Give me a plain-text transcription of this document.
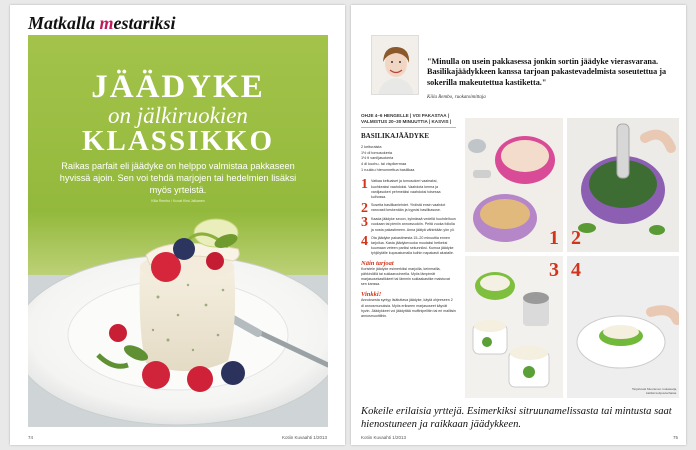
Matkalla mestariksi
JÄÄDYKE
on jälkiruokien
KLASSIKKO
Raikas parfait eli jäädyke on helppo valmistaa pakkaseen hyvissä ajoin. Sen voi tehdä marjojen tai hedelmien lisäksi myös yrteistä.
Kiila Rembo / Kuvat Kirsi Jalkanen
74	Kotiin Kuvaahti 1/2013
"Minulla on usein pakkasessa jonkin sortin jäädyke vierasvarana. Basilikajäädykkeen kanssa tarjoan pakastevadelmista soseutettua ja sokerilla makeutettua kastiketta."
Kiila Rembo, ruokatoimittaja
OHJE 4–6 HENGELLE | VOI PAKASTAA |
VALMISTUS 20–30 MINUUTTIA | KASVIS |
BASILIKAJÄÄDYKE
2 kelturaista
1½ dl tomusokeria
1½ tl vaniljasokeria
4 dl kuohu- tai vispikermaa
1 ruukku hienonnettua basilikaa
1 Vatkaa keltuaiset ja tomusokeri vaaleaksi, kuohkeaksi vaahdoksi. Vaahdota kerma ja vaniljasokeri pehmeäksi vaahdoksi toisessa kulhossa.
2 Sosetta basilikanlehdet. Yhdistä ensin vaahdot varovasti keskenään ja kypsisi basilikasose.
3 Kaada jäädyke seoon, kylmässä vedellä huuhdeltuun vuokaan tai pieniin annosvuokiin. Peitä vuoka foliolla ja nosta pakastimeen. Anna jäätyä vähintään yön yli.
4 Ota jäädyke pakastimesta 15–20 minuuttia ennen tarjoilua. Kasta jäädykevuoka muutaksi hetkeksi kuumaan veteen pariksi sekunniksi. Kumoa jäädyke tyhjiöytälle kupaustumalla kuihin napakasti alustalle.
Näin tarjoat
Koristele jäädyke esimerkiksi marjoilla, keinmailla, pähkinöillä tai suklaarouheella. Myös lämpimät marjasosekastikkeet tai lämmin suklaakastike maistuvat sen kanssa.
Vinkki!
Annoksesta syntyy lisätuttava jäädyke, käytä ohjeeseen 2 dl annosmunuksia. Myös erikseen marjasoseet käyvät hyvin. Jäädykkeet voi jäädyttää muffinipelltiin tai eri malliisin annosmuottiihin.
1 2
3 4
Tarjoiluvati Muuramen ruokasarja, kattilat kotipuutarhasta.
Kokeile erilaisia yrttejä. Esimerkiksi sitruunamelissasta tai mintusta saat hienostuneen ja raikkaan jäädykkeen.
Kotiin Kuvaahti 1/2013	75
